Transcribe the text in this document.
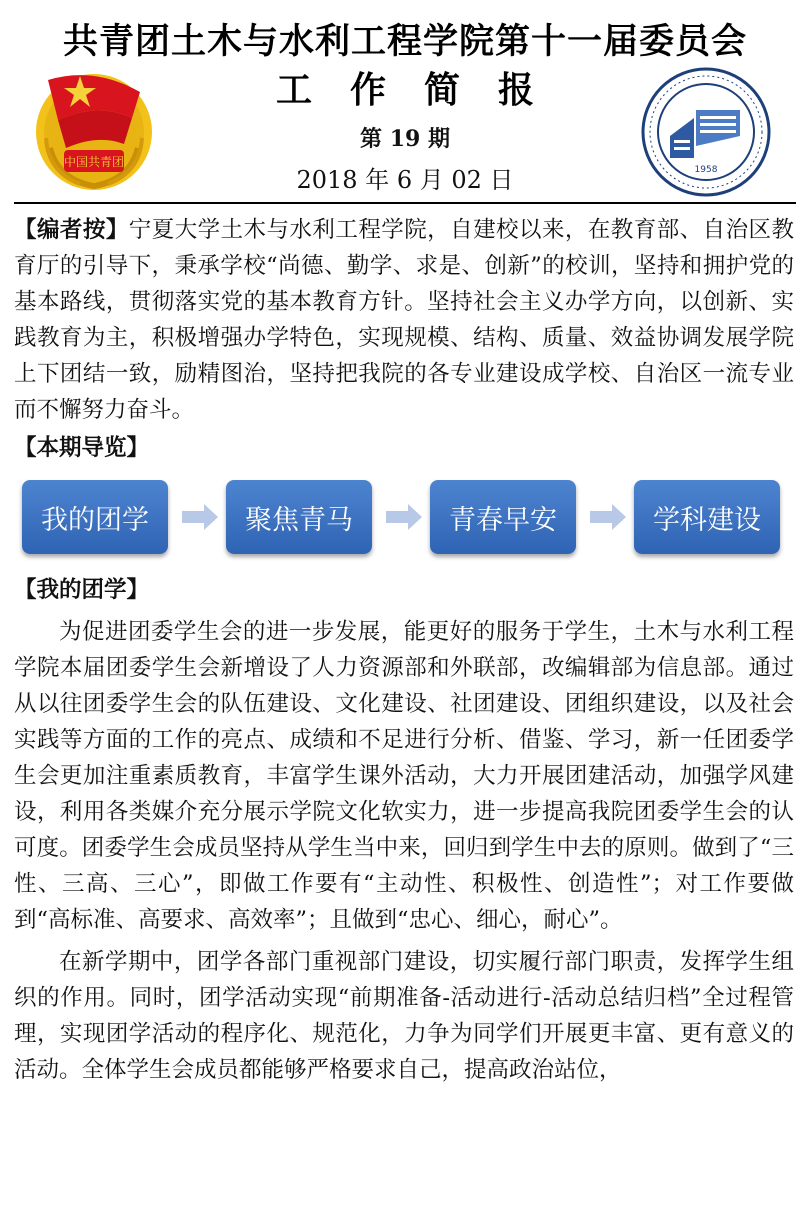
中国共青团
共青团土木与水利工程学院第十一届委员会
工作简报
第 19 期
2018 年 6 月 02 日	1958

【编者按】宁夏大学土木与水利工程学院，自建校以来，在教育部、自治区教育厅的引导下，秉承学校“尚德、勤学、求是、创新”的校训，坚持和拥护党的基本路线，贯彻落实党的基本教育方针。坚持社会主义办学方向，以创新、实践教育为主，积极增强办学特色，实现规模、结构、质量、效益协调发展学院上下团结一致，励精图治，坚持把我院的各专业建设成学校、自治区一流专业而不懈努力奋斗。

【本期导览】
我的团学	聚焦青马	青春早安	学科建设
【我的团学】

为促进团委学生会的进一步发展，能更好的服务于学生，土木与水利工程学院本届团委学生会新增设了人力资源部和外联部，改编辑部为信息部。通过从以往团委学生会的队伍建设、文化建设、社团建设、团组织建设，以及社会实践等方面的工作的亮点、成绩和不足进行分析、借鉴、学习，新一任团委学生会更加注重素质教育，丰富学生课外活动，大力开展团建活动，加强学风建设，利用各类媒介充分展示学院文化软实力，进一步提高我院团委学生会的认可度。团委学生会成员坚持从学生当中来，回归到学生中去的原则。做到了“三性、三高、三心”，即做工作要有“主动性、积极性、创造性”；对工作要做到“高标准、高要求、高效率”；且做到“忠心、细心，耐心”。

在新学期中，团学各部门重视部门建设，切实履行部门职责，发挥学生组织的作用。同时，团学活动实现“前期准备-活动进行-活动总结归档”全过程管理，实现团学活动的程序化、规范化，力争为同学们开展更丰富、更有意义的活动。全体学生会成员都能够严格要求自己，提高政治站位，
